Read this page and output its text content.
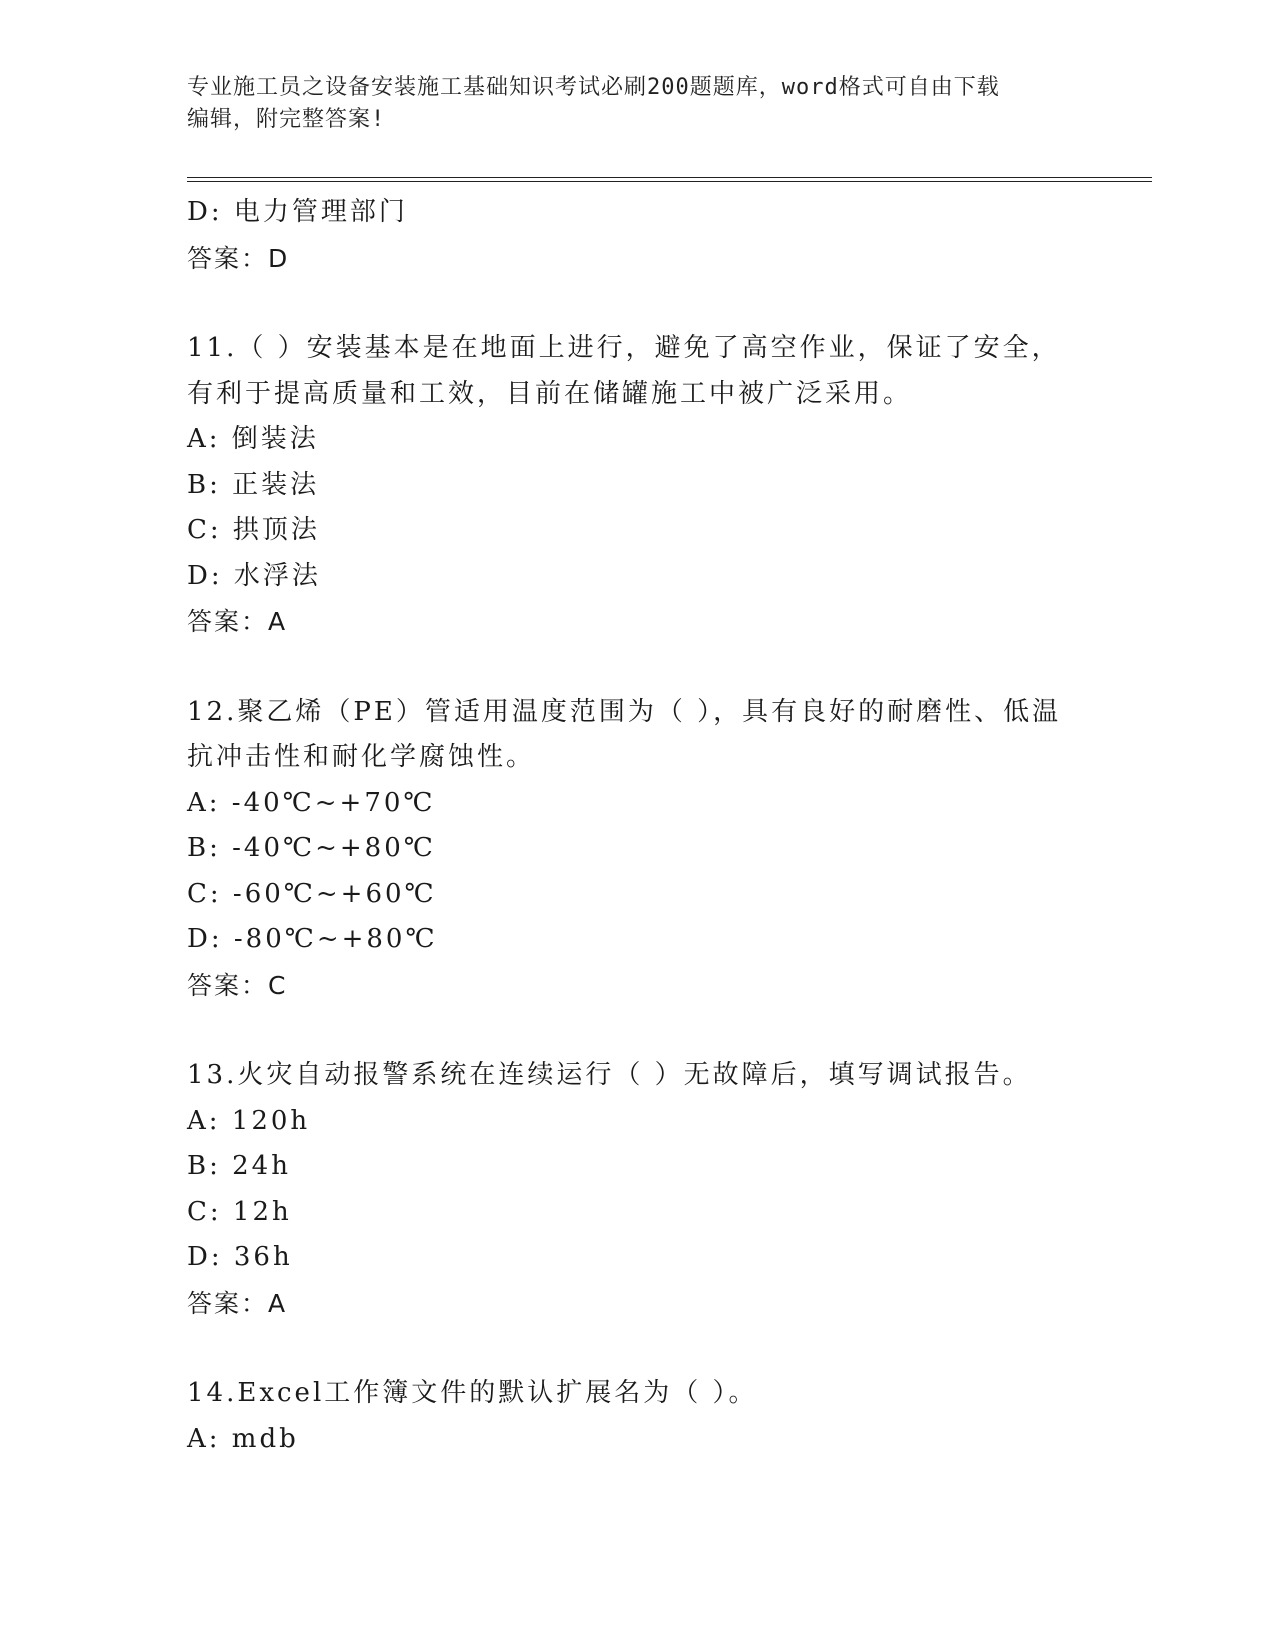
专业施工员之设备安装施工基础知识考试必刷200题题库，word格式可自由下载
编辑，附完整答案!
D: 电力管理部门
答案：D
11.（ ）安装基本是在地面上进行，避免了高空作业，保证了安全，
有利于提高质量和工效，目前在储罐施工中被广泛采用。
A: 倒装法
B: 正装法
C: 拱顶法
D: 水浮法
答案：A
12.聚乙烯（PE）管适用温度范围为（ ），具有良好的耐磨性、低温
抗冲击性和耐化学腐蚀性。
A: -40℃~+70℃
B: -40℃~+80℃
C: -60℃~+60℃
D: -80℃~+80℃
答案：C
13.火灾自动报警系统在连续运行（ ）无故障后，填写调试报告。
A: 120h
B: 24h
C: 12h
D: 36h
答案：A
14.Excel工作簿文件的默认扩展名为（ ）。
A: mdb
